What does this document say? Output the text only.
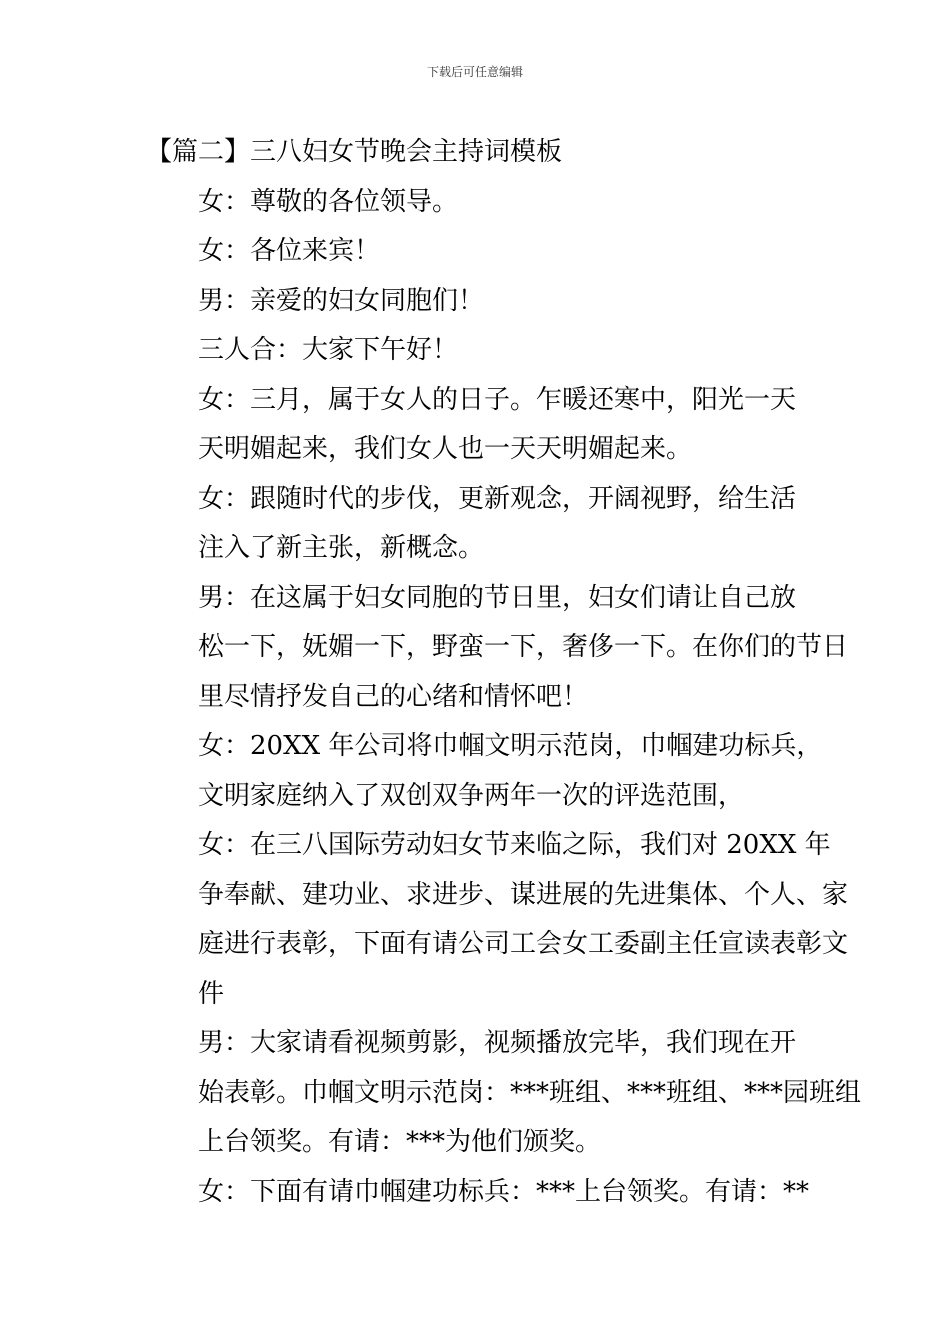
下载后可任意编辑

【篇二】三八妇女节晚会主持词模板

女：尊敬的各位领导。

女：各位来宾！

男：亲爱的妇女同胞们！

三人合：大家下午好！

女：三月，属于女人的日子。乍暖还寒中，阳光一天
天明媚起来，我们女人也一天天明媚起来。

女：跟随时代的步伐，更新观念，开阔视野，给生活
注入了新主张，新概念。

男：在这属于妇女同胞的节日里，妇女们请让自己放
松一下，妩媚一下，野蛮一下，奢侈一下。在你们的节日
里尽情抒发自己的心绪和情怀吧！

女：20XX 年公司将巾帼文明示范岗，巾帼建功标兵，
文明家庭纳入了双创双争两年一次的评选范围，

女：在三八国际劳动妇女节来临之际，我们对 20XX 年
争奉献、建功业、求进步、谋进展的先进集体、个人、家
庭进行表彰，下面有请公司工会女工委副主任宣读表彰文
件

男：大家请看视频剪影，视频播放完毕，我们现在开
始表彰。巾帼文明示范岗：***班组、***班组、***园班组
上台领奖。有请：***为他们颁奖。

女：下面有请巾帼建功标兵：***上台领奖。有请：**
